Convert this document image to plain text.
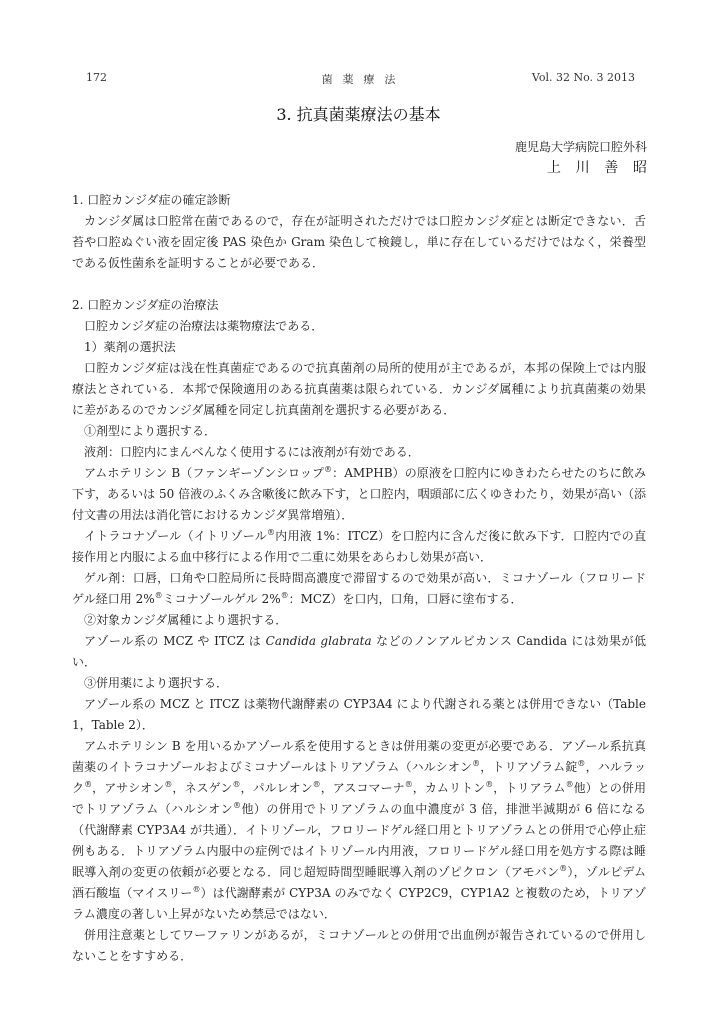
172	菌薬療法	Vol. 32 No. 3 2013
3. 抗真菌薬療法の基本
鹿児島大学病院口腔外科
上川善昭

1. 口腔カンジダ症の確定診断

カンジダ属は口腔常在菌であるので，存在が証明されただけでは口腔カンジダ症とは断定できない．舌苔や口腔ぬぐい液を固定後 PAS 染色か Gram 染色して検鏡し，単に存在しているだけではなく，栄養型である仮性菌糸を証明することが必要である．

2. 口腔カンジダ症の治療法

口腔カンジダ症の治療法は薬物療法である．

1）薬剤の選択法

口腔カンジダ症は浅在性真菌症であるので抗真菌剤の局所的使用が主であるが，本邦の保険上では内服療法とされている．本邦で保険適用のある抗真菌薬は限られている．カンジダ属種により抗真菌薬の効果に差があるのでカンジダ属種を同定し抗真菌剤を選択する必要がある．

①剤型により選択する．

液剤：口腔内にまんべんなく使用するには液剤が有効である．

アムホテリシン B（ファンギーゾンシロップ®：AMPHB）の原液を口腔内にゆきわたらせたのちに飲み下す，あるいは 50 倍液のふくみ含嗽後に飲み下す，と口腔内，咽頭部に広くゆきわたり，効果が高い（添付文書の用法は消化管におけるカンジダ異常増殖）．

イトラコナゾール（イトリゾール®内用液 1%：ITCZ）を口腔内に含んだ後に飲み下す．口腔内での直接作用と内服による血中移行による作用で二重に効果をあらわし効果が高い．

ゲル剤：口唇，口角や口腔局所に長時間高濃度で滞留するので効果が高い．ミコナゾール（フロリードゲル経口用 2%®ミコナゾールゲル 2%®：MCZ）を口内，口角，口唇に塗布する．

②対象カンジダ属種により選択する．

アゾール系の MCZ や ITCZ は Candida glabrata などのノンアルビカンス Candida には効果が低い．

③併用薬により選択する．

アゾール系の MCZ と ITCZ は薬物代謝酵素の CYP3A4 により代謝される薬とは併用できない（Table 1，Table 2）．

アムホテリシン B を用いるかアゾール系を使用するときは併用薬の変更が必要である．アゾール系抗真菌薬のイトラコナゾールおよびミコナゾールはトリアゾラム（ハルシオン®，トリアゾラム錠®，ハルラック®，アサシオン®，ネスゲン®，パルレオン®，アスコマーナ®，カムリトン®，トリアラム®他）との併用でトリアゾラム（ハルシオン®他）の併用でトリアゾラムの血中濃度が 3 倍，排泄半減期が 6 倍になる（代謝酵素 CYP3A4 が共通）．イトリゾール，フロリードゲル経口用とトリアゾラムとの併用で心停止症例もある．トリアゾラム内服中の症例ではイトリゾール内用液，フロリードゲル経口用を処方する際は睡眠導入剤の変更の依頼が必要となる．同じ超短時間型睡眠導入剤のゾピクロン（アモバン®），ゾルピデム酒石酸塩（マイスリー®）は代謝酵素が CYP3A のみでなく CYP2C9，CYP1A2 と複数のため，トリアゾラム濃度の著しい上昇がないため禁忌ではない．

併用注意薬としてワーファリンがあるが，ミコナゾールとの併用で出血例が報告されているので併用しないことをすすめる．
